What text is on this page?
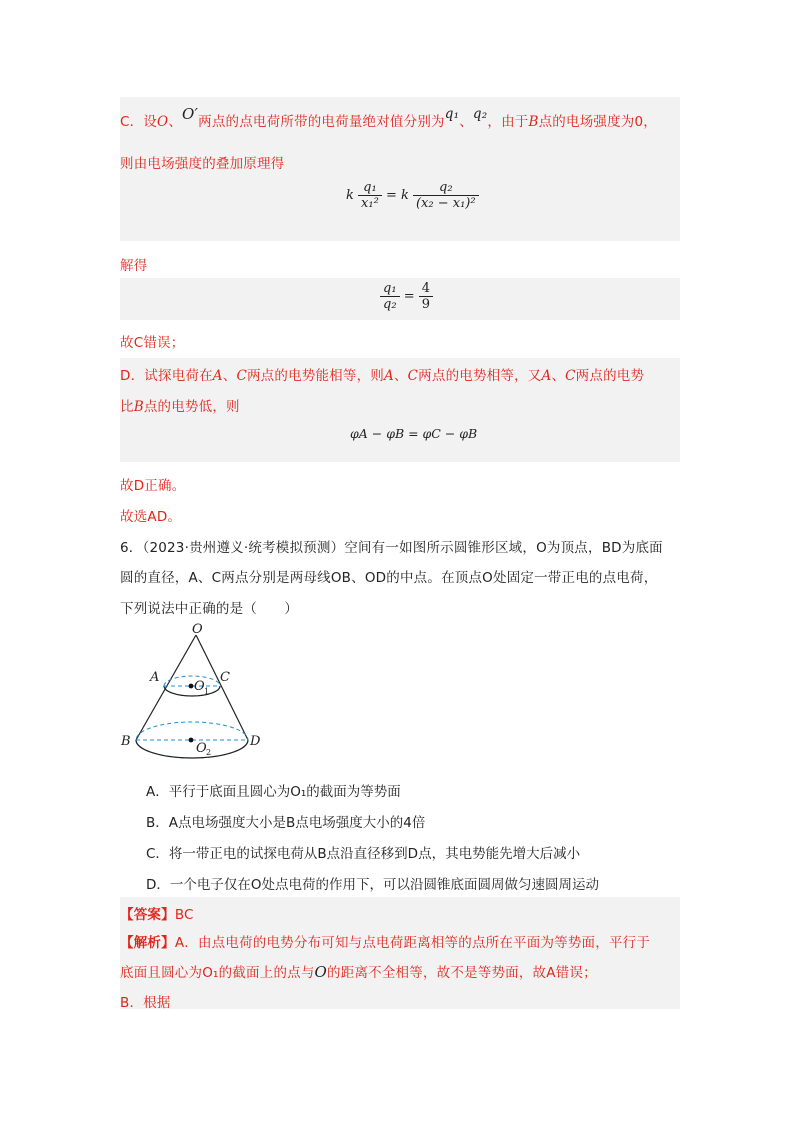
C．设O、O′两点的点电荷所带的电荷量绝对值分别为q₁、q₂，由于B点的电场强度为0，
则由电场强度的叠加原理得
k $\frac{\text{q₁}}{\text{x₁²}} = k \frac{\text{q₂}}{\text{(x₂ − x₁)²}}$
解得
$\frac{\text{q₁}}{\text{q₂}} = \frac{4}{9}$
故C错误；
D．试探电荷在A、C两点的电势能相等，则A、C两点的电势相等，又A、C两点的电势
比B点的电势低，则
φA − φB = φC − φB
故D正确。
故选AD。
6．（2023·贵州遵义·统考模拟预测）空间有一如图所示圆锥形区域，O为顶点，BD为底面
圆的直径，A、C两点分别是两母线OB、OD的中点。在顶点O处固定一带正电的点电荷，
下列说法中正确的是（　　）
O
A	C
O 1
B	D
O 2
A．平行于底面且圆心为O₁的截面为等势面
B．A点电场强度大小是B点电场强度大小的4倍
C．将一带正电的试探电荷从B点沿直径移到D点，其电势能先增大后减小
D．一个电子仅在O处点电荷的作用下，可以沿圆锥底面圆周做匀速圆周运动
【答案】BC
【解析】A．由点电荷的电势分布可知与点电荷距离相等的点所在平面为等势面，平行于
底面且圆心为O₁的截面上的点与O的距离不全相等，故不是等势面，故A错误；
B．根据
